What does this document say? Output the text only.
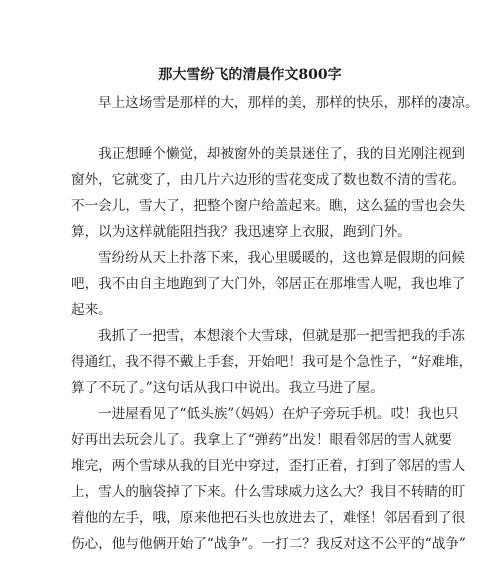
那大雪纷飞的清晨作文800字
早上这场雪是那样的大，那样的美，那样的快乐，那样的凄凉。
我正想睡个懒觉，却被窗外的美景迷住了，我的目光刚注视到
窗外，它就变了，由几片六边形的雪花变成了数也数不清的雪花。
不一会儿，雪大了，把整个窗户给盖起来。瞧，这么猛的雪也会失
算，以为这样就能阻挡我？我迅速穿上衣服，跑到门外。
雪纷纷从天上扑落下来，我心里暖暖的，这也算是假期的问候
吧，我不由自主地跑到了大门外，邻居正在那堆雪人呢，我也堆了
起来。
我抓了一把雪，本想滚个大雪球，但就是那一把雪把我的手冻
得通红，我不得不戴上手套，开始吧！我可是个急性子，“好难堆，
算了不玩了。”这句话从我口中说出。我立马进了屋。
一进屋看见了“低头族”（妈妈）在炉子旁玩手机。哎！我也只
好再出去玩会儿了。我拿上了“弹药”出发！眼看邻居的雪人就要
堆完，两个雪球从我的目光中穿过，歪打正着，打到了邻居的雪人
上，雪人的脑袋掉了下来。什么雪球威力这么大？我目不转睛的盯
着他的左手，哦，原来他把石头也放进去了，难怪！邻居看到了很
伤心，他与他俩开始了“战争”。一打二？我反对这不公平的“战争”
